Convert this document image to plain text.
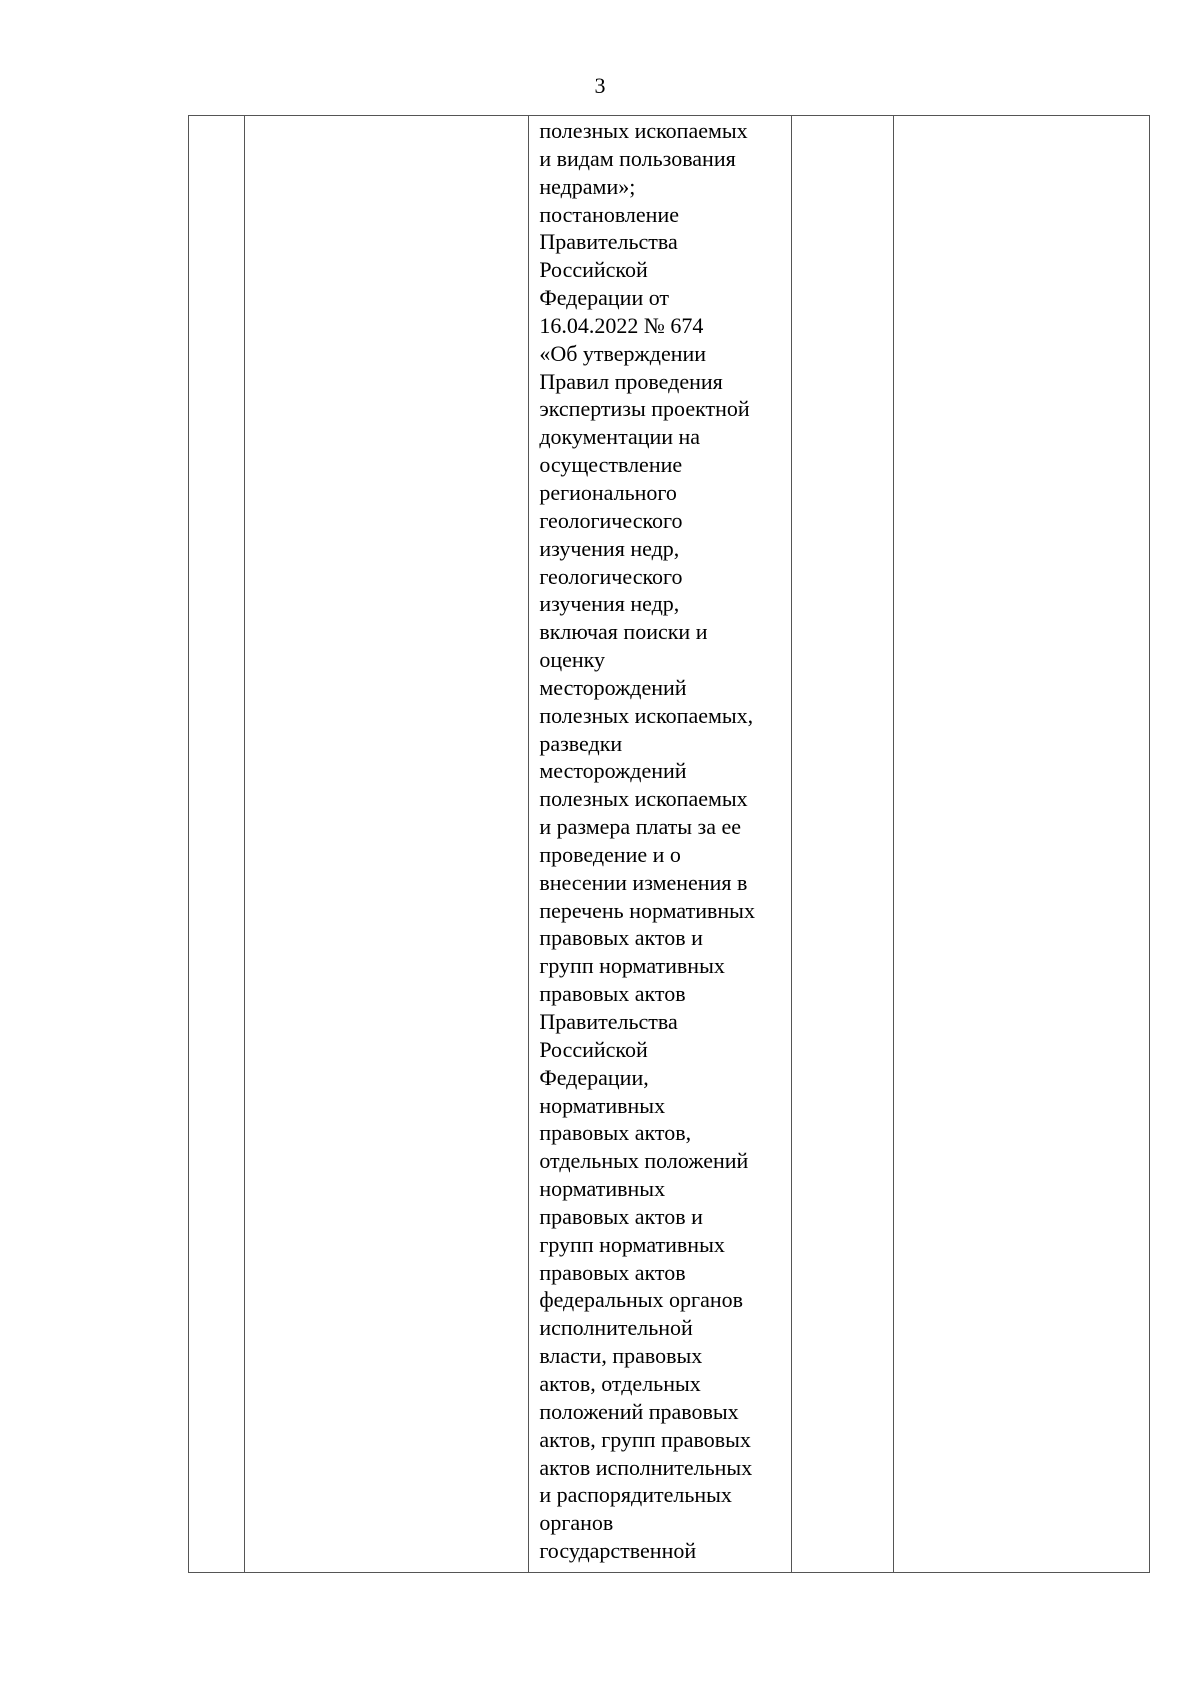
3

полезных ископаемых
и видам пользования
недрами»;
постановление
Правительства
Российской
Федерации от
16.04.2022 № 674
«Об утверждении
Правил проведения
экспертизы проектной
документации на
осуществление
регионального
геологического
изучения недр,
геологического
изучения недр,
включая поиски и
оценку
месторождений
полезных ископаемых,
разведки
месторождений
полезных ископаемых
и размера платы за ее
проведение и о
внесении изменения в
перечень нормативных
правовых актов и
групп нормативных
правовых актов
Правительства
Российской
Федерации,
нормативных
правовых актов,
отдельных положений
нормативных
правовых актов и
групп нормативных
правовых актов
федеральных органов
исполнительной
власти, правовых
актов, отдельных
положений правовых
актов, групп правовых
актов исполнительных
и распорядительных
органов
государственной
